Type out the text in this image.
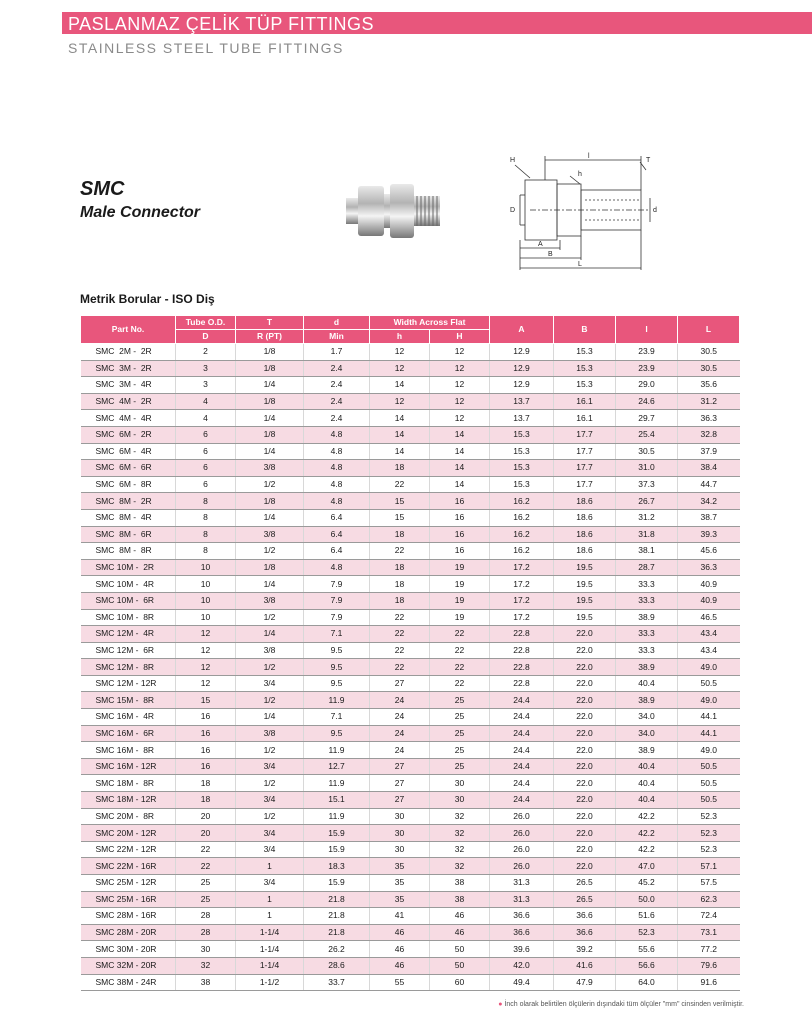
PASLANMAZ ÇELİK TÜP FITTINGS
STAINLESS STEEL TUBE FITTINGS
SMC
Male Connector
H
l
T
h
D	d
A
B
L
Metrik Borular - ISO Diş
Part No.	Tube O.D.	T	d	Width Across Flat		A	B	l	L
	D	R (PT)	Min	h	H				
SMC  2M -  2R	2	1/8	1.7	12	12	12.9	15.3	23.9	30.5
SMC  3M -  2R	3	1/8	2.4	12	12	12.9	15.3	23.9	30.5
SMC  3M -  4R	3	1/4	2.4	14	12	12.9	15.3	29.0	35.6
SMC  4M -  2R	4	1/8	2.4	12	12	13.7	16.1	24.6	31.2
SMC  4M -  4R	4	1/4	2.4	14	12	13.7	16.1	29.7	36.3
SMC  6M -  2R	6	1/8	4.8	14	14	15.3	17.7	25.4	32.8
SMC  6M -  4R	6	1/4	4.8	14	14	15.3	17.7	30.5	37.9
SMC  6M -  6R	6	3/8	4.8	18	14	15.3	17.7	31.0	38.4
SMC  6M -  8R	6	1/2	4.8	22	14	15.3	17.7	37.3	44.7
SMC  8M -  2R	8	1/8	4.8	15	16	16.2	18.6	26.7	34.2
SMC  8M -  4R	8	1/4	6.4	15	16	16.2	18.6	31.2	38.7
SMC  8M -  6R	8	3/8	6.4	18	16	16.2	18.6	31.8	39.3
SMC  8M -  8R	8	1/2	6.4	22	16	16.2	18.6	38.1	45.6
SMC 10M -  2R	10	1/8	4.8	18	19	17.2	19.5	28.7	36.3
SMC 10M -  4R	10	1/4	7.9	18	19	17.2	19.5	33.3	40.9
SMC 10M -  6R	10	3/8	7.9	18	19	17.2	19.5	33.3	40.9
SMC 10M -  8R	10	1/2	7.9	22	19	17.2	19.5	38.9	46.5
SMC 12M -  4R	12	1/4	7.1	22	22	22.8	22.0	33.3	43.4
SMC 12M -  6R	12	3/8	9.5	22	22	22.8	22.0	33.3	43.4
SMC 12M -  8R	12	1/2	9.5	22	22	22.8	22.0	38.9	49.0
SMC 12M - 12R	12	3/4	9.5	27	22	22.8	22.0	40.4	50.5
SMC 15M -  8R	15	1/2	11.9	24	25	24.4	22.0	38.9	49.0
SMC 16M -  4R	16	1/4	7.1	24	25	24.4	22.0	34.0	44.1
SMC 16M -  6R	16	3/8	9.5	24	25	24.4	22.0	34.0	44.1
SMC 16M -  8R	16	1/2	11.9	24	25	24.4	22.0	38.9	49.0
SMC 16M - 12R	16	3/4	12.7	27	25	24.4	22.0	40.4	50.5
SMC 18M -  8R	18	1/2	11.9	27	30	24.4	22.0	40.4	50.5
SMC 18M - 12R	18	3/4	15.1	27	30	24.4	22.0	40.4	50.5
SMC 20M -  8R	20	1/2	11.9	30	32	26.0	22.0	42.2	52.3
SMC 20M - 12R	20	3/4	15.9	30	32	26.0	22.0	42.2	52.3
SMC 22M - 12R	22	3/4	15.9	30	32	26.0	22.0	42.2	52.3
SMC 22M - 16R	22	1	18.3	35	32	26.0	22.0	47.0	57.1
SMC 25M - 12R	25	3/4	15.9	35	38	31.3	26.5	45.2	57.5
SMC 25M - 16R	25	1	21.8	35	38	31.3	26.5	50.0	62.3
SMC 28M - 16R	28	1	21.8	41	46	36.6	36.6	51.6	72.4
SMC 28M - 20R	28	1-1/4	21.8	46	46	36.6	36.6	52.3	73.1
SMC 30M - 20R	30	1-1/4	26.2	46	50	39.6	39.2	55.6	77.2
SMC 32M - 20R	32	1-1/4	28.6	46	50	42.0	41.6	56.6	79.6
SMC 38M - 24R	38	1-1/2	33.7	55	60	49.4	47.9	64.0	91.6
● İnch olarak belirtilen ölçülerin dışındaki tüm ölçüler "mm" cinsinden verilmiştir.
